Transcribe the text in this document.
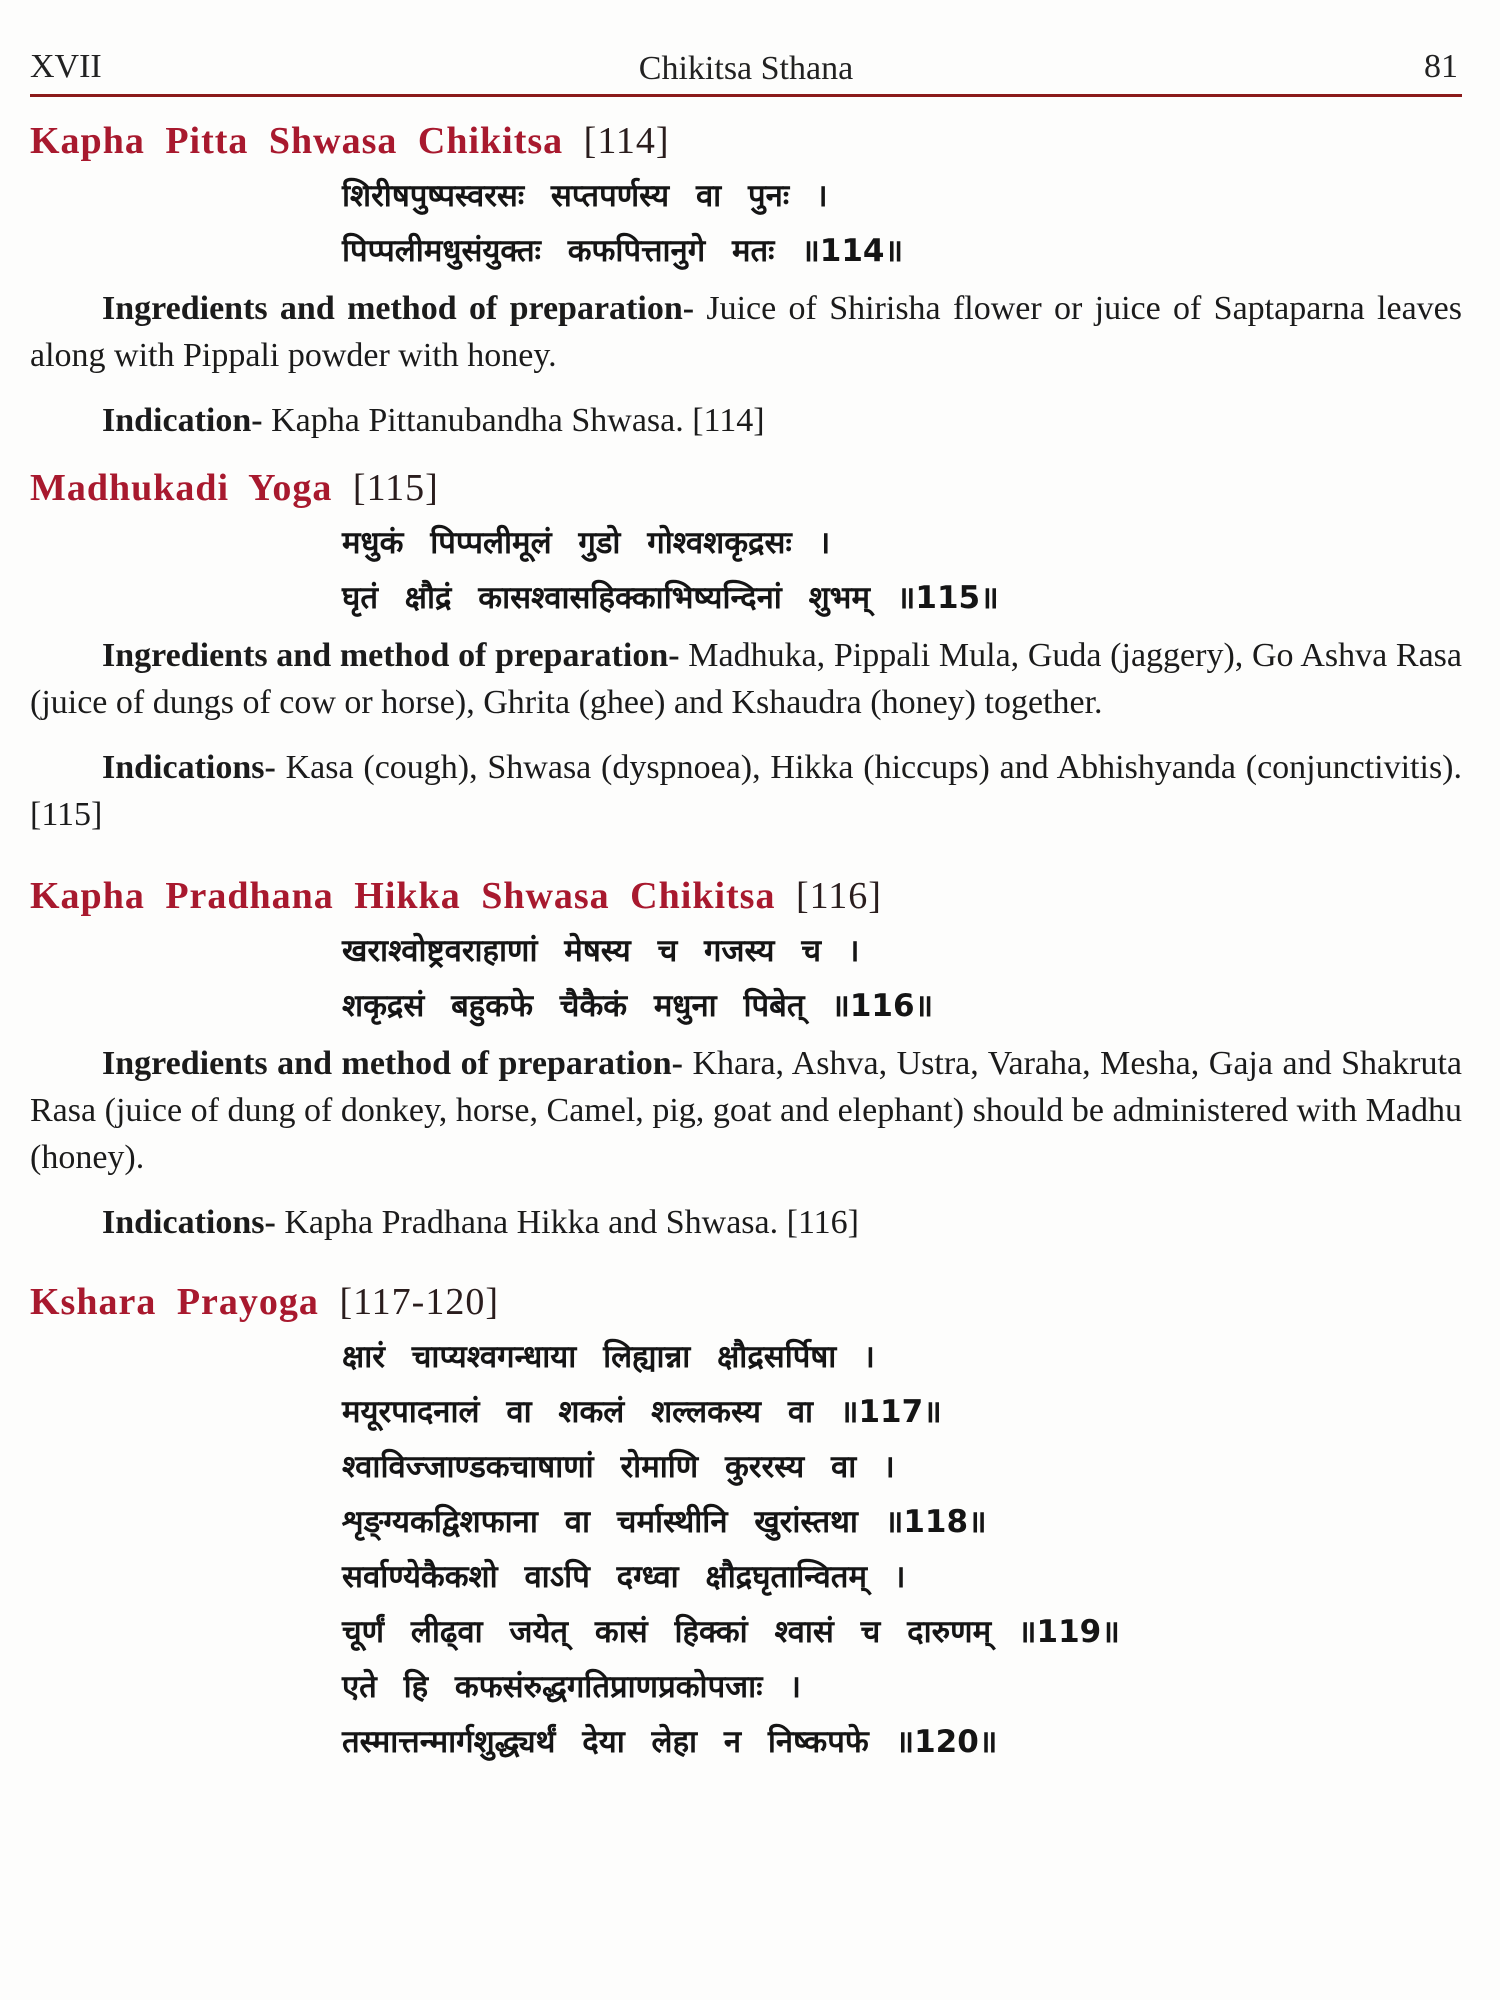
XVII	Chikitsa Sthana	81
Kapha Pitta Shwasa Chikitsa [114]
शिरीषपुष्पस्वरसः सप्तपर्णस्य वा पुनः ।
पिप्पलीमधुसंयुक्तः कफपित्तानुगे मतः ॥114॥

Ingredients and method of preparation- Juice of Shirisha flower or juice of Saptaparna leaves along with Pippali powder with honey.

Indication- Kapha Pittanubandha Shwasa. [114]

Madhukadi Yoga [115]
मधुकं पिप्पलीमूलं गुडो गोश्वशकृद्रसः ।
घृतं क्षौद्रं कासश्वासहिक्काभिष्यन्दिनां शुभम् ॥115॥

Ingredients and method of preparation- Madhuka, Pippali Mula, Guda (jaggery), Go Ashva Rasa (juice of dungs of cow or horse), Ghrita (ghee) and Kshaudra (honey) together.

Indications- Kasa (cough), Shwasa (dyspnoea), Hikka (hiccups) and Abhishyanda (conjunctivitis). [115]

Kapha Pradhana Hikka Shwasa Chikitsa [116]
खराश्वोष्ट्रवराहाणां मेषस्य च गजस्य च ।
शकृद्रसं बहुकफे चैकैकं मधुना पिबेत् ॥116॥

Ingredients and method of preparation- Khara, Ashva, Ustra, Varaha, Mesha, Gaja and Shakruta Rasa (juice of dung of donkey, horse, Camel, pig, goat and elephant) should be administered with Madhu (honey).

Indications- Kapha Pradhana Hikka and Shwasa. [116]

Kshara Prayoga [117-120]
क्षारं चाप्यश्वगन्धाया लिह्यान्ना क्षौद्रसर्पिषा ।
मयूरपादनालं वा शकलं शल्लकस्य वा ॥117॥
श्वाविज्जाण्डकचाषाणां रोमाणि कुररस्य वा ।
शृङ्ग्यकद्विशफाना वा चर्मास्थीनि खुरांस्तथा ॥118॥
सर्वाण्येकैकशो वाऽपि दग्ध्वा क्षौद्रघृतान्वितम् ।
चूर्णं लीढ्वा जयेत् कासं हिक्कां श्वासं च दारुणम् ॥119॥
एते हि कफसंरुद्धगतिप्राणप्रकोपजाः ।
तस्मात्तन्मार्गशुद्ध्यर्थं देया लेहा न निष्कपफे ॥120॥
